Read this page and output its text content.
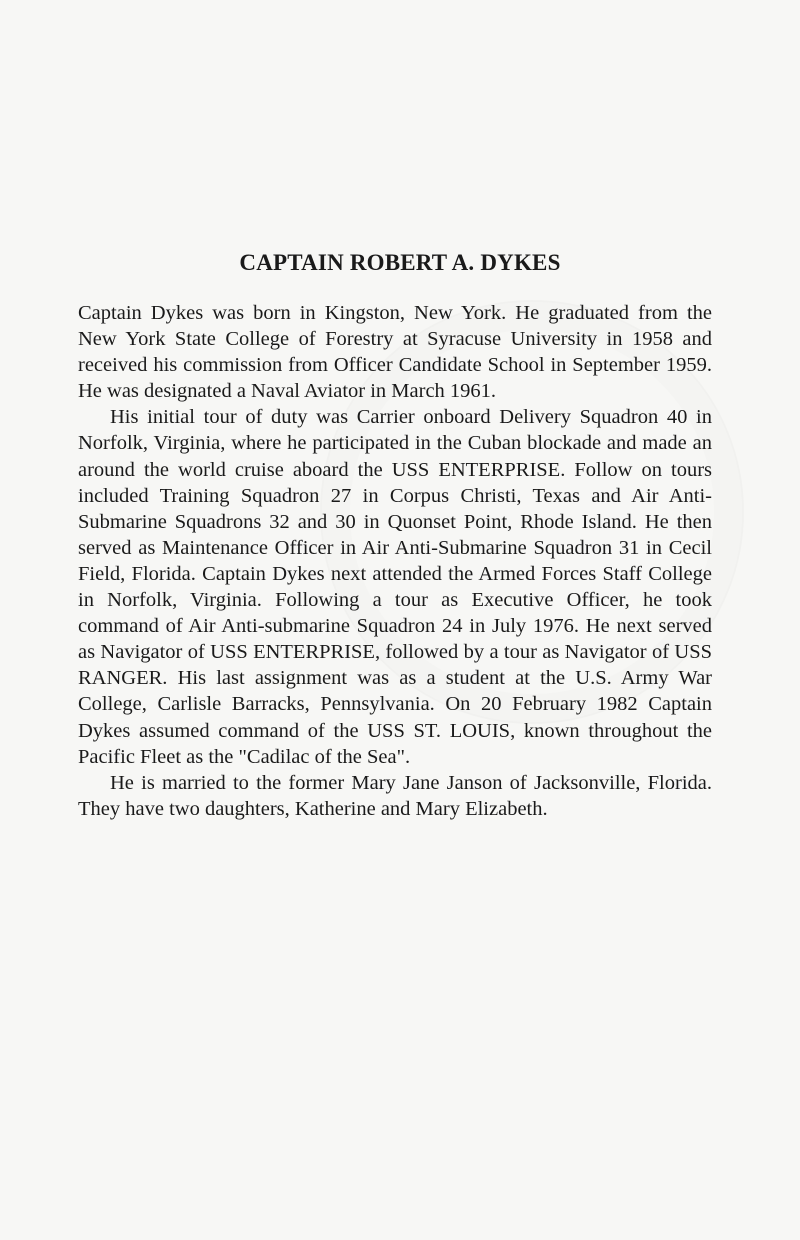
CAPTAIN ROBERT A. DYKES

Captain Dykes was born in Kingston, New York. He graduated from the New York State College of Forestry at Syracuse University in 1958 and received his commission from Officer Candidate School in September 1959. He was designated a Naval Aviator in March 1961.

His initial tour of duty was Carrier onboard Delivery Squadron 40 in Norfolk, Virginia, where he participated in the Cuban blockade and made an around the world cruise aboard the USS ENTERPRISE. Follow on tours included Training Squadron 27 in Corpus Christi, Texas and Air Anti-Submarine Squadrons 32 and 30 in Quonset Point, Rhode Island. He then served as Maintenance Officer in Air Anti-Submarine Squadron 31 in Cecil Field, Florida. Captain Dykes next attended the Armed Forces Staff College in Norfolk, Virginia. Following a tour as Executive Officer, he took command of Air Anti-submarine Squadron 24 in July 1976. He next served as Navigator of USS ENTERPRISE, followed by a tour as Navigator of USS RANGER. His last assignment was as a student at the U.S. Army War College, Carlisle Barracks, Pennsylvania. On 20 February 1982 Captain Dykes assumed command of the USS ST. LOUIS, known throughout the Pacific Fleet as the "Cadilac of the Sea".

He is married to the former Mary Jane Janson of Jacksonville, Florida. They have two daughters, Katherine and Mary Elizabeth.
